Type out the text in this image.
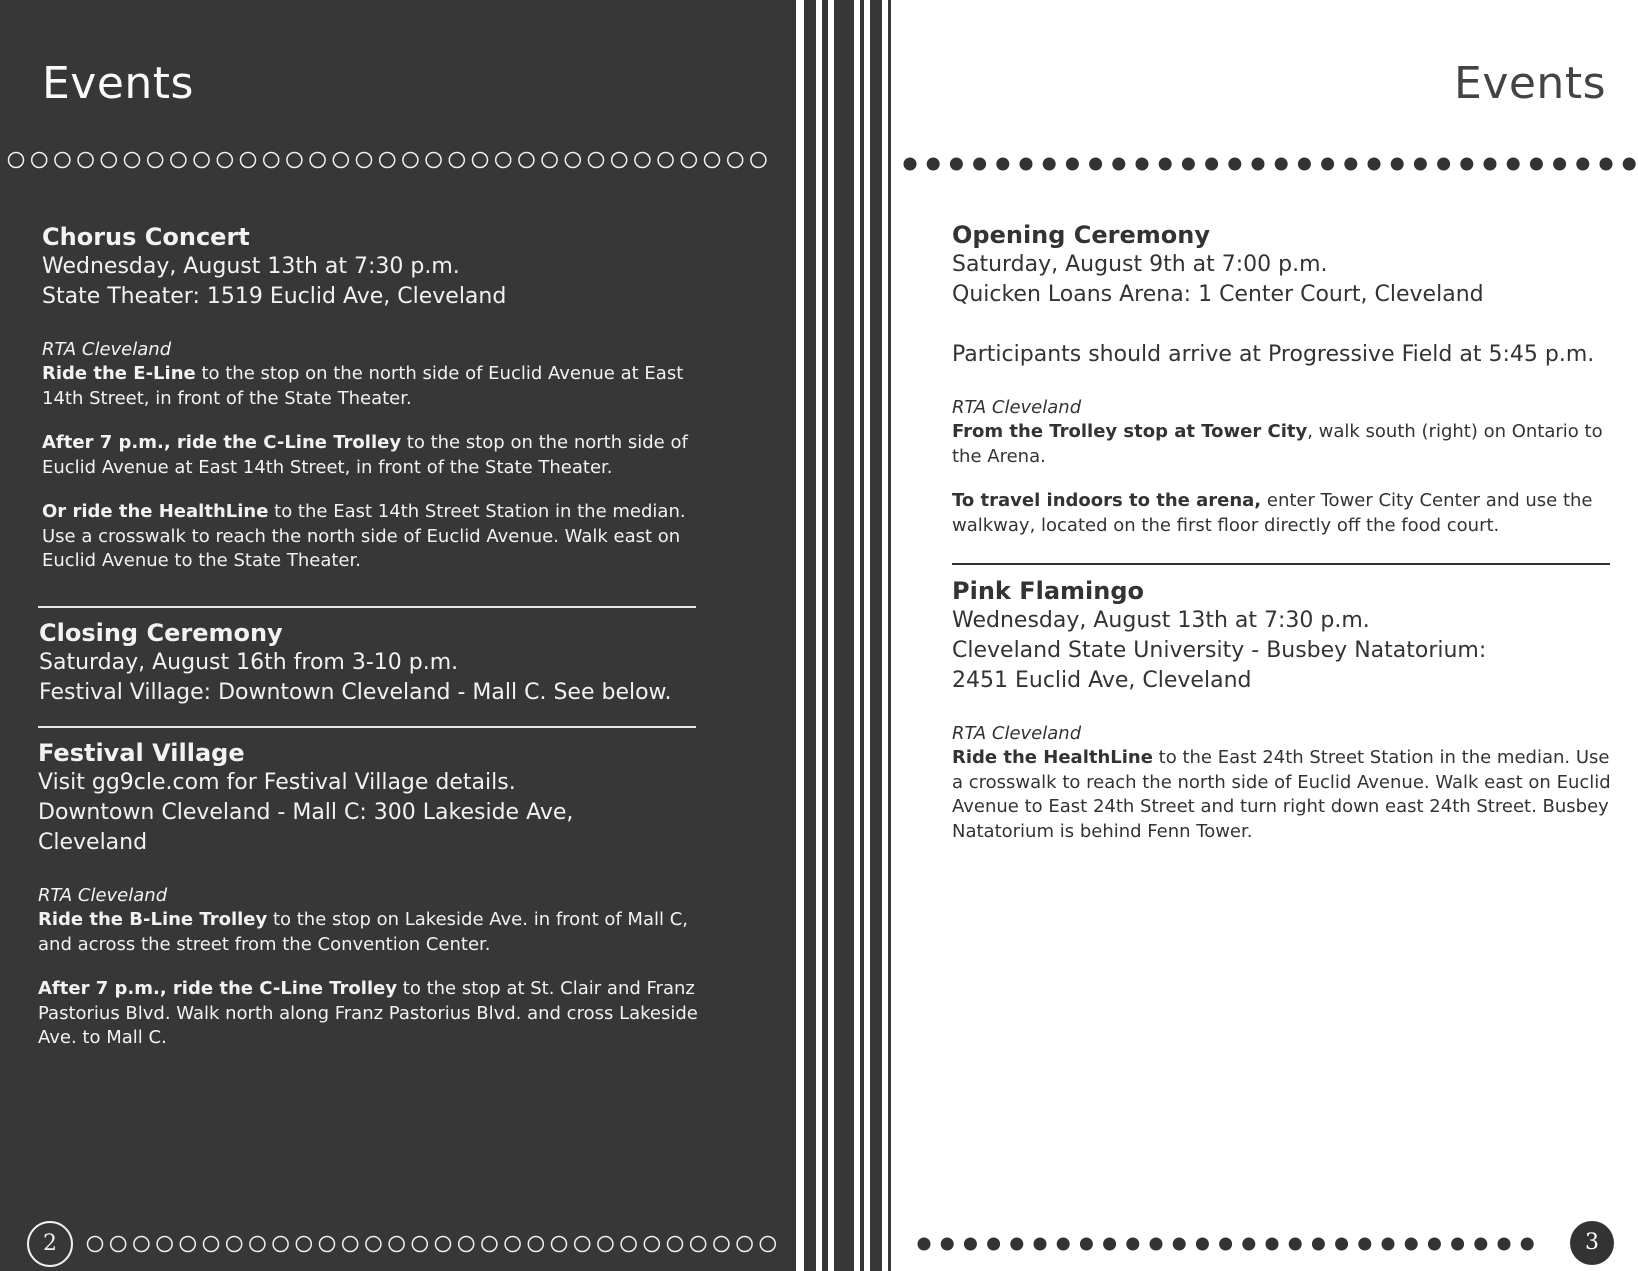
Events

Chorus Concert

Wednesday, August 13th at 7:30 p.m.

State Theater: 1519 Euclid Ave, Cleveland

RTA Cleveland

Ride the E-Line to the stop on the north side of Euclid Avenue at East 14th Street, in front of the State Theater.

After 7 p.m., ride the C-Line Trolley to the stop on the north side of Euclid Avenue at East 14th Street, in front of the State Theater.

Or ride the HealthLine to the East 14th Street Station in the median. Use a crosswalk to reach the north side of Euclid Avenue. Walk east on Euclid Avenue to the State Theater.

Closing Ceremony

Saturday, August 16th from 3-10 p.m.

Festival Village: Downtown Cleveland - Mall C. See below.

Festival Village

Visit gg9cle.com for Festival Village details.

Downtown Cleveland - Mall C: 300 Lakeside Ave, Cleveland

RTA Cleveland

Ride the B-Line Trolley to the stop on Lakeside Ave. in front of Mall C, and across the street from the Convention Center.

After 7 p.m., ride the C-Line Trolley to the stop at St. Clair and Franz Pastorius Blvd. Walk north along Franz Pastorius Blvd. and cross Lakeside Ave. to Mall C.

Events

Opening Ceremony

Saturday, August 9th at 7:00 p.m.

Quicken Loans Arena: 1 Center Court, Cleveland

Participants should arrive at Progressive Field at 5:45 p.m.

RTA Cleveland

From the Trolley stop at Tower City, walk south (right) on Ontario to the Arena.

To travel indoors to the arena, enter Tower City Center and use the walkway, located on the first floor directly off the food court.

Pink Flamingo

Wednesday, August 13th at 7:30 p.m.

Cleveland State University - Busbey Natatorium:

2451 Euclid Ave, Cleveland

RTA Cleveland

Ride the HealthLine to the East 24th Street Station in the median. Use a crosswalk to reach the north side of Euclid Avenue. Walk east on Euclid Avenue to East 24th Street and turn right down east 24th Street. Busbey Natatorium is behind Fenn Tower.

2	3
